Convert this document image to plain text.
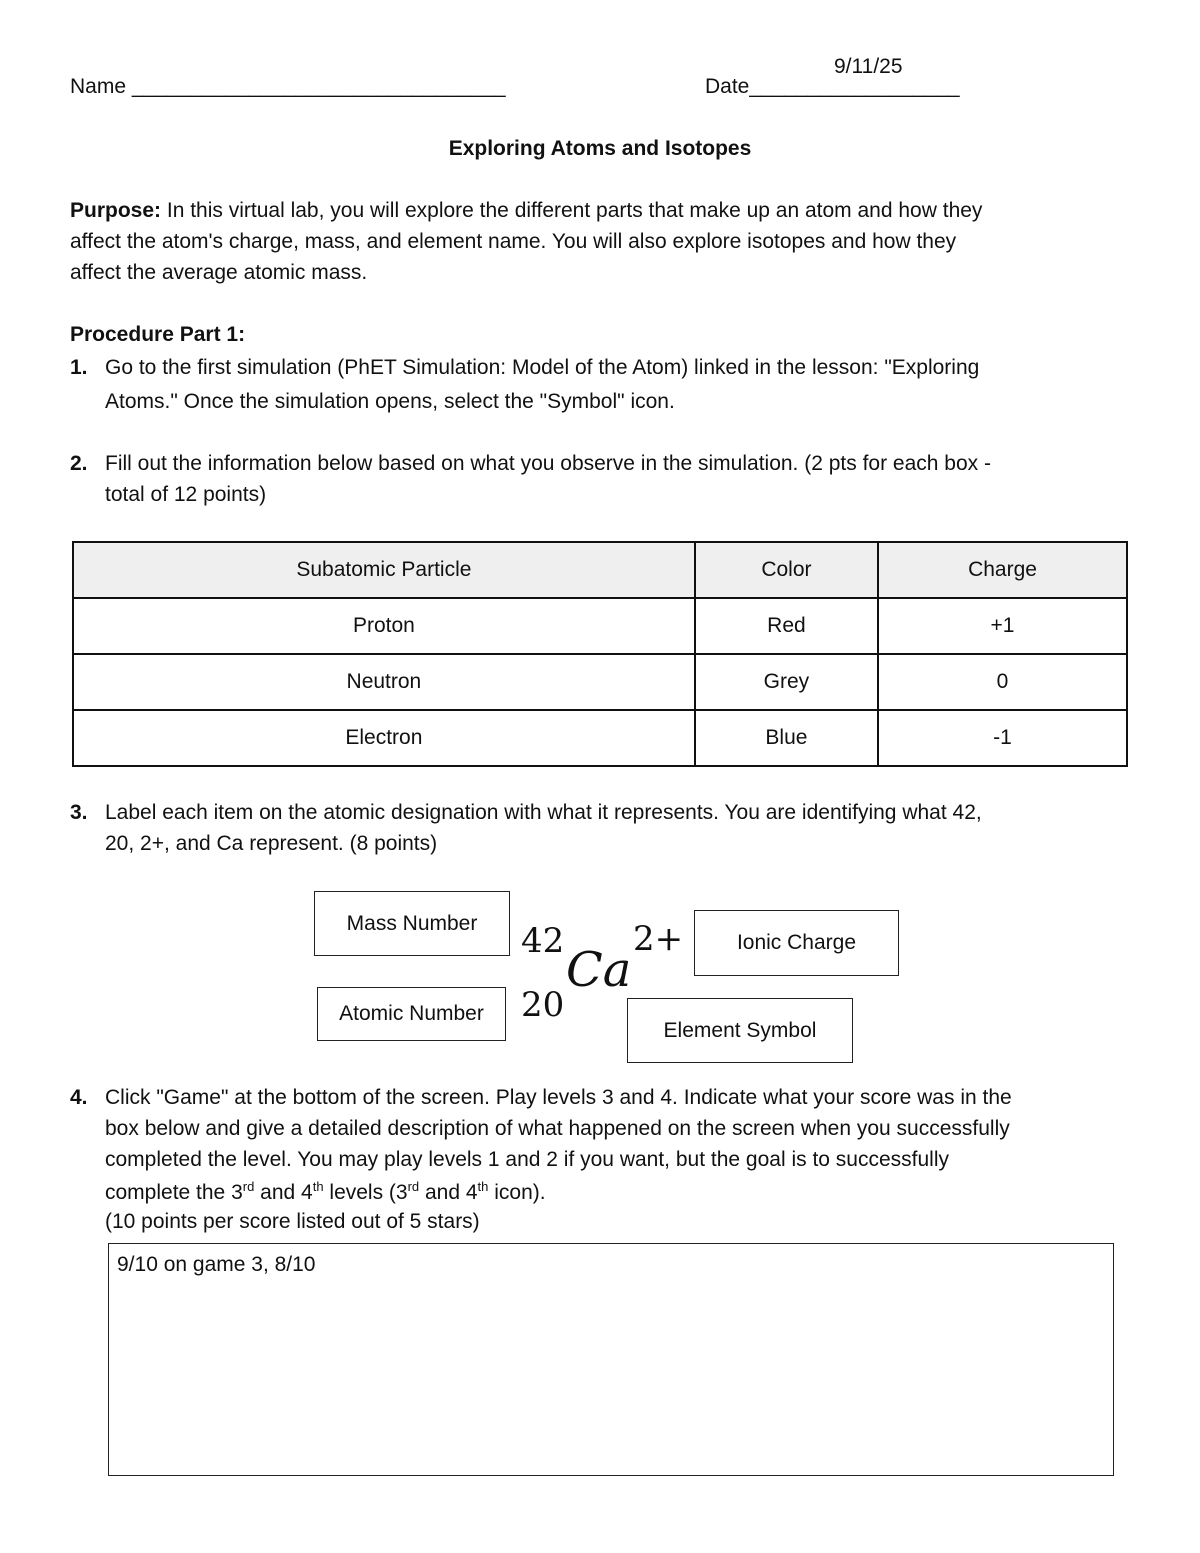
Name ________________________________	Date__________________
9/11/25
Exploring Atoms and Isotopes
Purpose: In this virtual lab, you will explore the different parts that make up an atom and how they
affect the atom's charge, mass, and element name. You will also explore isotopes and how they
affect the average atomic mass.
Procedure Part 1:
1. Go to the first simulation (PhET Simulation: Model of the Atom) linked in the lesson: "Exploring
Atoms." Once the simulation opens, select the "Symbol" icon.
2. Fill out the information below based on what you observe in the simulation. (2 pts for each box -
total of 12 points)
Subatomic Particle	Color	Charge
Proton	Red	+1
Neutron	Grey	0
Electron	Blue	-1
3. Label each item on the atomic designation with what it represents. You are identifying what 42,
20, 2+, and Ca represent. (8 points)
Mass Number
Atomic Number
Ionic Charge
Element Symbol
42
20
Ca
2+
4. Click "Game" at the bottom of the screen. Play levels 3 and 4. Indicate what your score was in the
box below and give a detailed description of what happened on the screen when you successfully
completed the level. You may play levels 1 and 2 if you want, but the goal is to successfully
complete the 3rd and 4th levels (3rd and 4th icon).
(10 points per score listed out of 5 stars)
9/10 on game 3, 8/10
